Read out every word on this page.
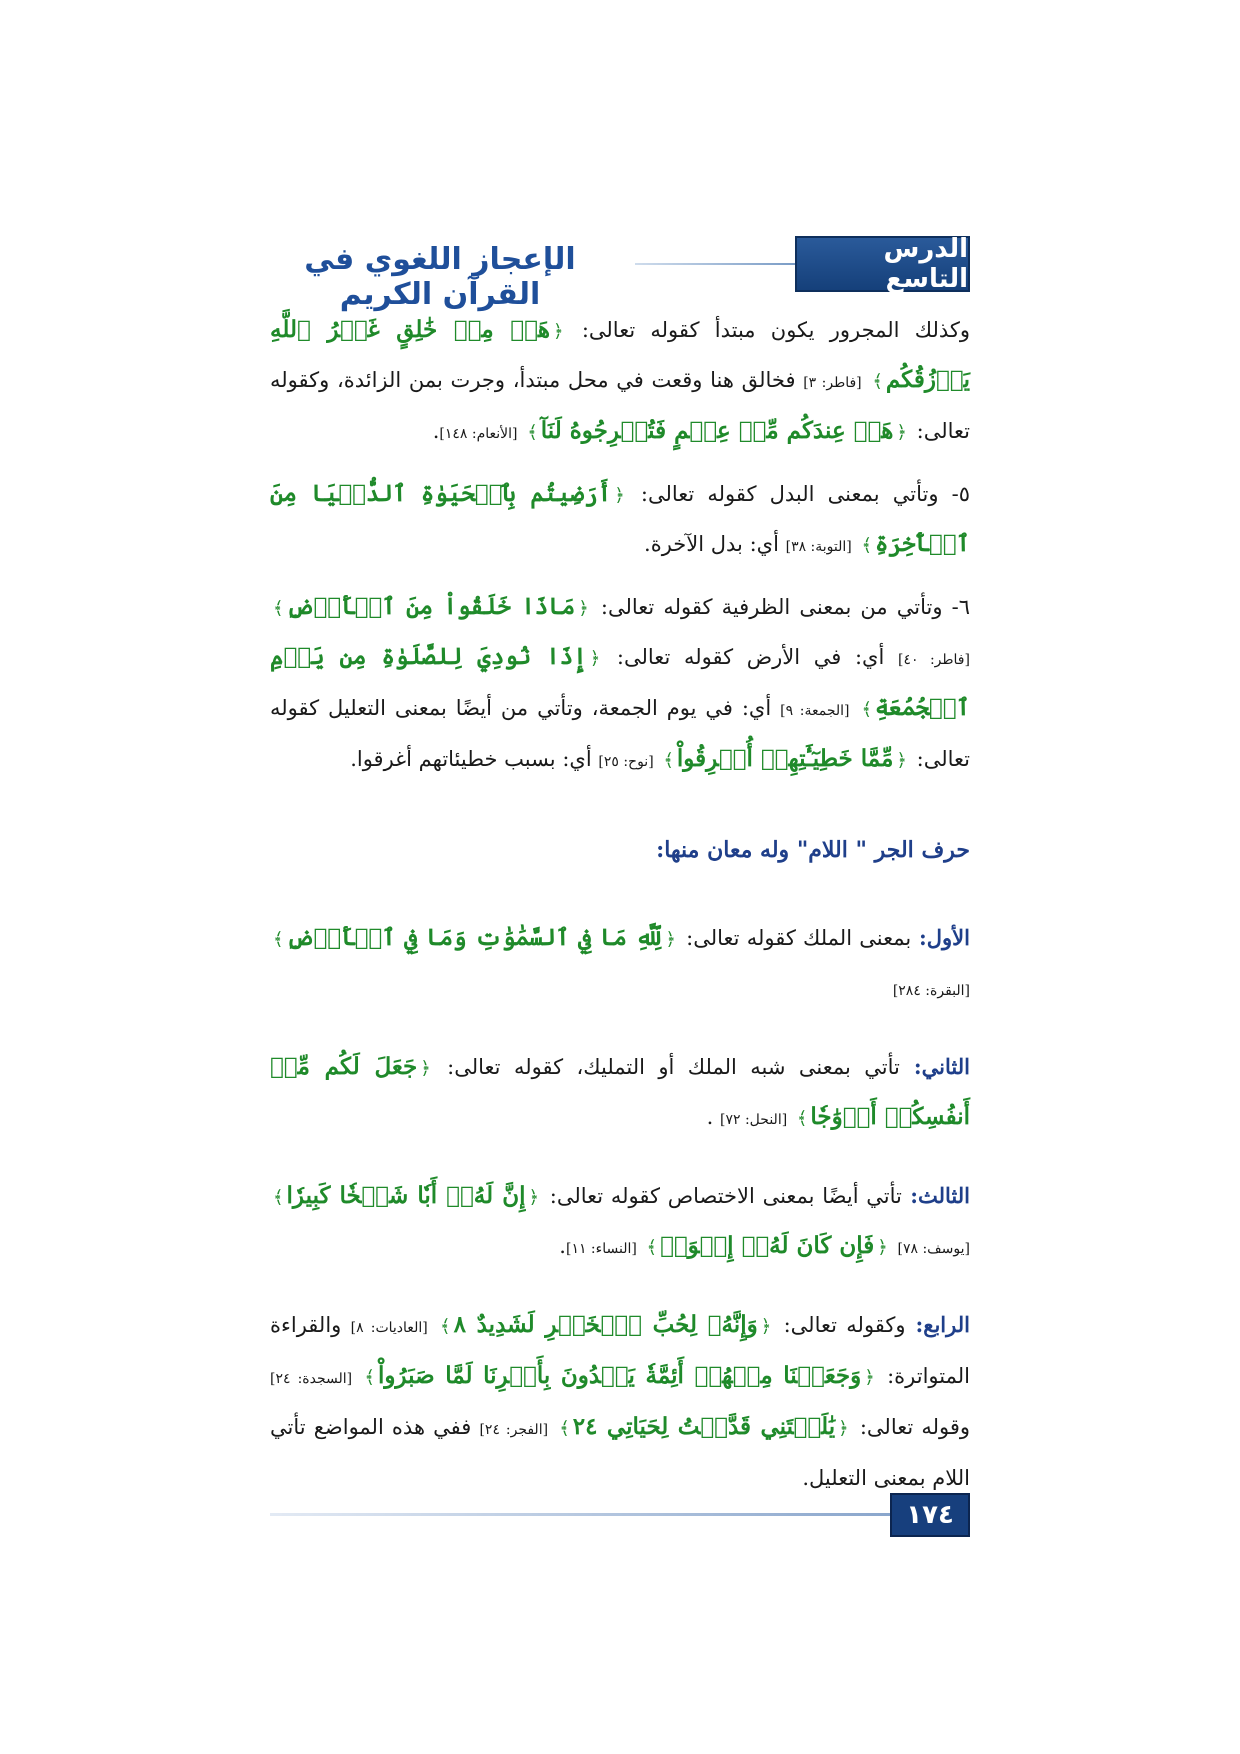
الدرس التاسع
الإعجاز اللغوي في القرآن الكريم

وكذلك المجرور يكون مبتدأ كقوله تعالى: ﴿هَلۡ مِنۡ خَٰلِقٍ غَيۡرُ ٱللَّهِ يَرۡزُقُكُم﴾ [فاطر: ٣] فخالق هنا وقعت في محل مبتدأ، وجرت بمن الزائدة، وكقوله تعالى: ﴿هَلۡ عِندَكُم مِّنۡ عِلۡمٍ فَتُخۡرِجُوهُ لَنَآ﴾ [الأنعام: ١٤٨].

٥- وتأتي بمعنى البدل كقوله تعالى: ﴿أَرَضِيتُم بِٱلۡحَيَوٰةِ ٱلدُّنۡيَا مِنَ ٱلۡأٓخِرَةِ﴾ [التوبة: ٣٨] أي: بدل الآخرة.

٦- وتأتي من بمعنى الظرفية كقوله تعالى: ﴿مَاذَا خَلَقُواْ مِنَ ٱلۡأَرۡضِ﴾ [فاطر: ٤٠] أي: في الأرض كقوله تعالى: ﴿إِذَا نُودِيَ لِلصَّلَوٰةِ مِن يَوۡمِ ٱلۡجُمُعَةِ﴾ [الجمعة: ٩] أي: في يوم الجمعة، وتأتي من أيضًا بمعنى التعليل كقوله تعالى: ﴿مِّمَّا خَطِيٓـَٰٔتِهِمۡ أُغۡرِقُواْ﴾ [نوح: ٢٥] أي: بسبب خطيئاتهم أغرقوا.

حرف الجر " اللام" وله معان منها:

الأول: بمعنى الملك كقوله تعالى: ﴿لِّلَّهِ مَا فِي ٱلسَّمَٰوَٰتِ وَمَا فِي ٱلۡأَرۡضِ﴾ [البقرة: ٢٨٤]

الثاني: تأتي بمعنى شبه الملك أو التمليك، كقوله تعالى: ﴿جَعَلَ لَكُم مِّنۡ أَنفُسِكُمۡ أَزۡوَٰجٗا﴾ [النحل: ٧٢] .

الثالث: تأتي أيضًا بمعنى الاختصاص كقوله تعالى: ﴿إِنَّ لَهُۥٓ أَبٗا شَيۡخٗا كَبِيرٗا﴾ [يوسف: ٧٨] ﴿فَإِن كَانَ لَهُۥٓ إِخۡوَةٞ﴾ [النساء: ١١].

الرابع: وكقوله تعالى: ﴿وَإِنَّهُۥ لِحُبِّ ٱلۡخَيۡرِ لَشَدِيدٌ ٨﴾ [العاديات: ٨] والقراءة المتواترة: ﴿وَجَعَلۡنَا مِنۡهُمۡ أَئِمَّةٗ يَهۡدُونَ بِأَمۡرِنَا لَمَّا صَبَرُواْ﴾ [السجدة: ٢٤] وقوله تعالى: ﴿يَٰلَيۡتَنِي قَدَّمۡتُ لِحَيَاتِي ٢٤﴾ [الفجر: ٢٤] ففي هذه المواضع تأتي اللام بمعنى التعليل.

١٧٤
